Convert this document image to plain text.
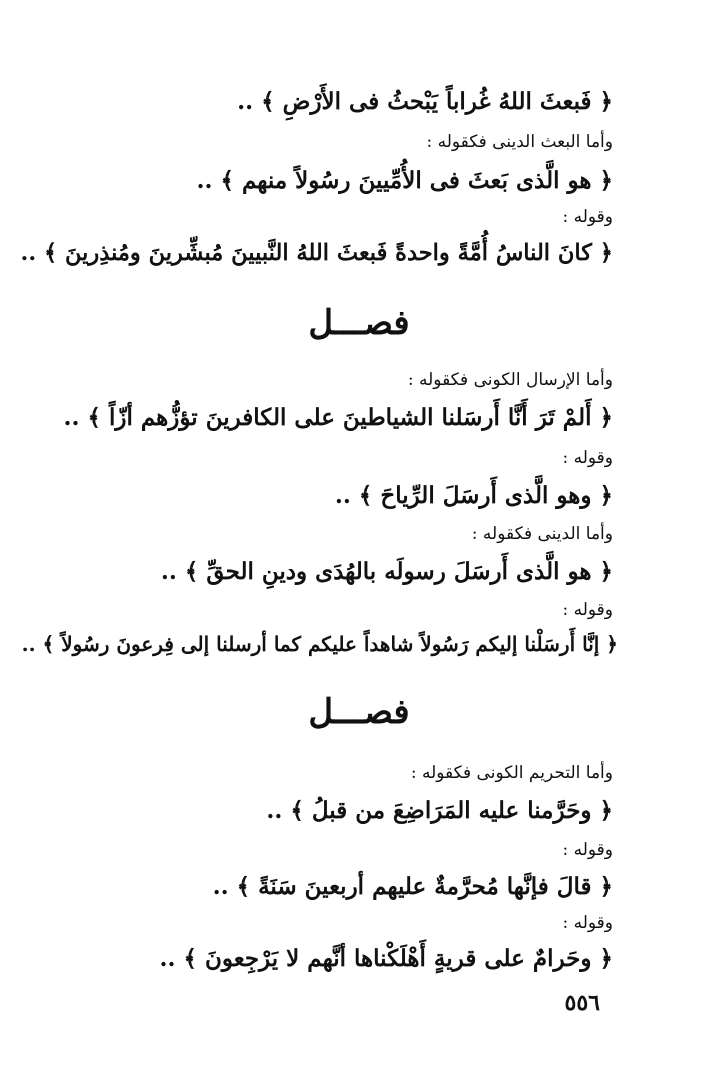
﴿ فَبعثَ اللهُ غُراباً يَبْحثُ فى الأَرْضِ ﴾ ..
وأما البعث الدينى فكقوله :
﴿ هو الَّذى بَعثَ فى الأُمِّيينَ رسُولاً منهم ﴾ ..
وقوله :
﴿ كانَ الناسُ أُمَّةً واحدةً فَبعثَ اللهُ النَّبيينَ مُبشِّرينَ ومُنذِرينَ ﴾ ..
فصـــل
وأما الإرسال الكونى فكقوله :
﴿ أَلمْ تَرَ أَنَّا أَرسَلنا الشياطينَ على الكافرينَ تؤزُّهم أزّاً ﴾ ..
وقوله :
﴿ وهو الَّذى أَرسَلَ الرِّياحَ ﴾ ..
وأما الدينى فكقوله :
﴿ هو الَّذى أَرسَلَ رسولَه بالهُدَى ودينِ الحقِّ ﴾ ..
وقوله :
﴿ إنَّا أَرسَلْنا إليكم رَسُولاً شاهداً عليكم كما أرسلنا إلى فِرعونَ رسُولاً ﴾ ..
فصـــل
وأما التحريم الكونى فكقوله :
﴿ وحَرَّمنا عليه المَرَاضِعَ من قبلُ ﴾ ..
وقوله :
﴿ قالَ فإنَّها مُحرَّمةٌ عليهم أربعينَ سَنَةً ﴾ ..
وقوله :
﴿ وحَرامٌ على قريةٍ أَهْلَكْناها أنَّهم لا يَرْجِعونَ ﴾ ..
٥٥٦
